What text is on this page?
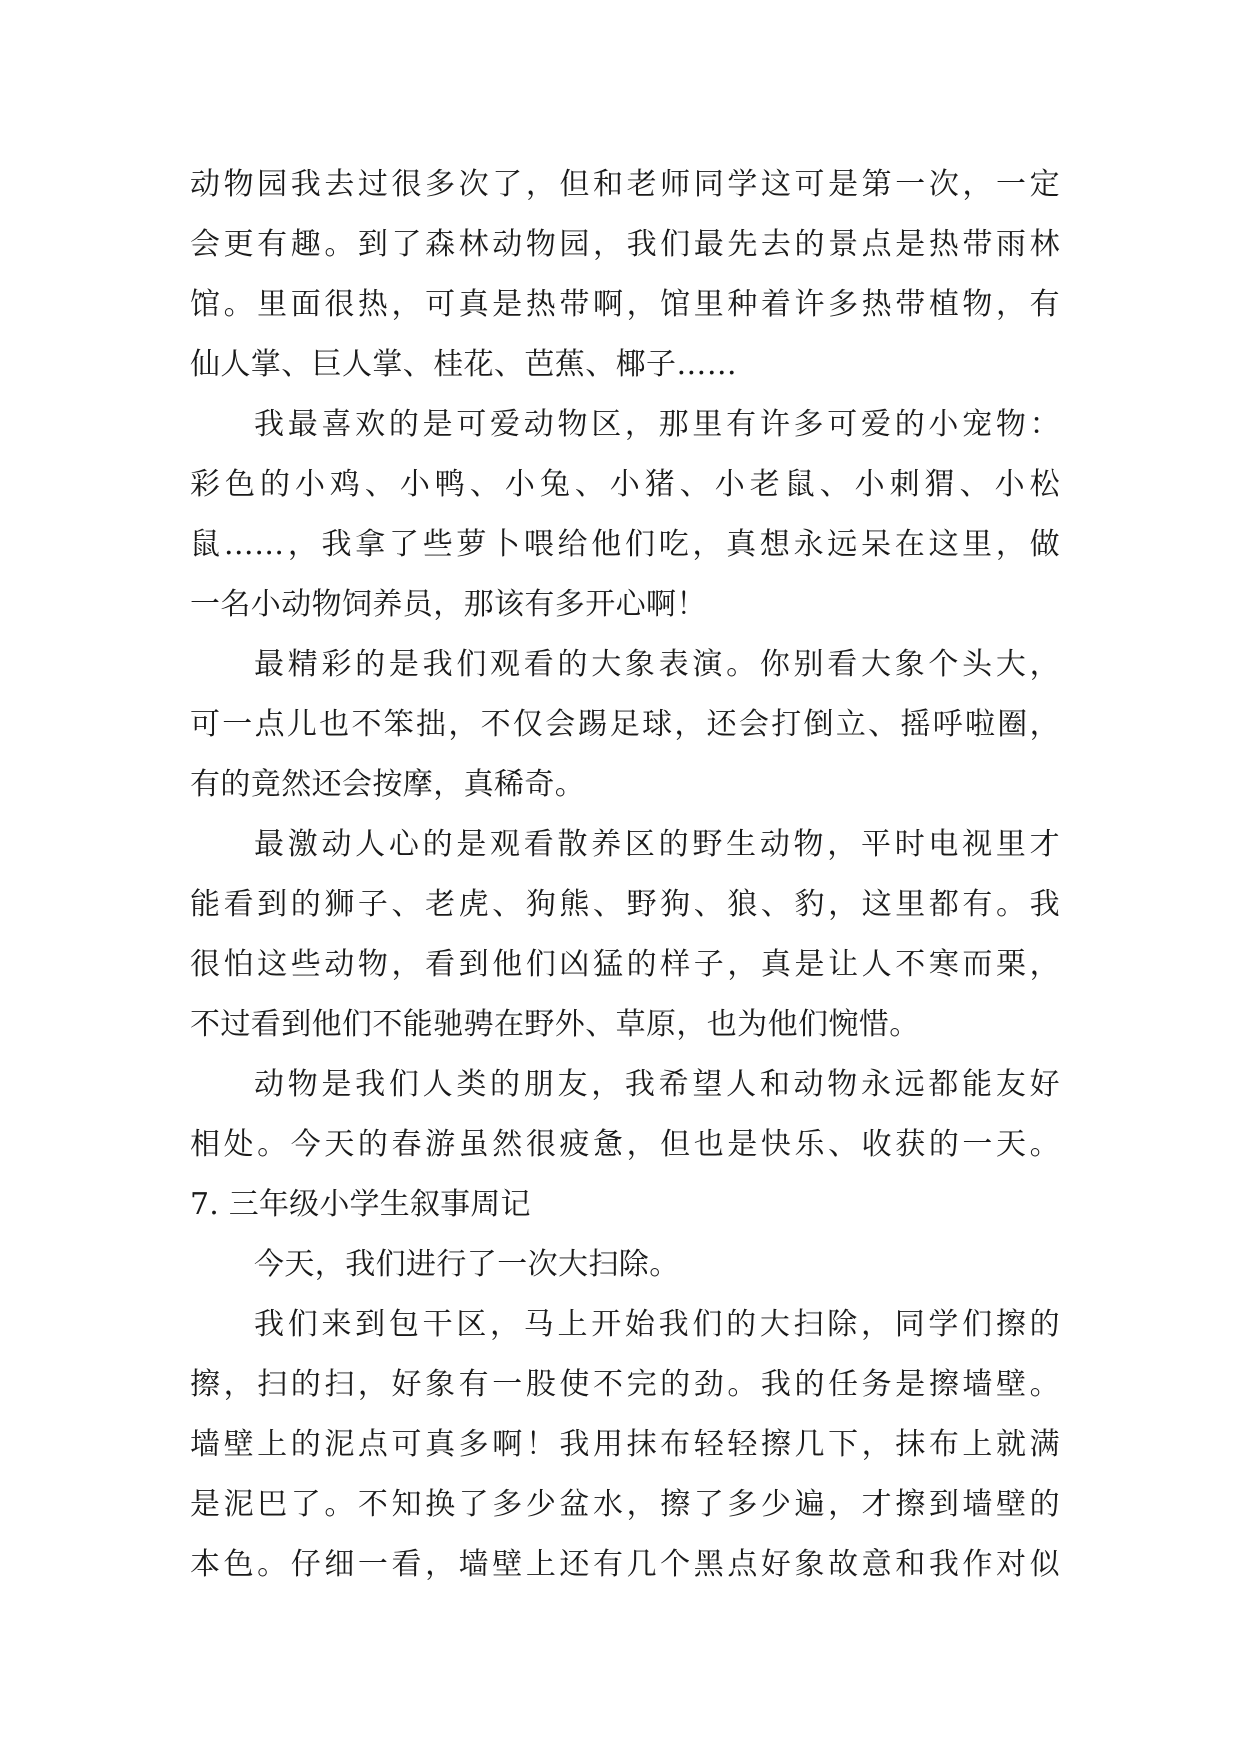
动物园我去过很多次了，但和老师同学这可是第一次，一定
会更有趣。到了森林动物园，我们最先去的景点是热带雨林
馆。里面很热，可真是热带啊，馆里种着许多热带植物，有
仙人掌、巨人掌、桂花、芭蕉、椰子……
我最喜欢的是可爱动物区，那里有许多可爱的小宠物：
彩色的小鸡、小鸭、小兔、小猪、小老鼠、小刺猬、小松
鼠……，我拿了些萝卜喂给他们吃，真想永远呆在这里，做
一名小动物饲养员，那该有多开心啊！
最精彩的是我们观看的大象表演。你别看大象个头大，
可一点儿也不笨拙，不仅会踢足球，还会打倒立、摇呼啦圈，
有的竟然还会按摩，真稀奇。
最激动人心的是观看散养区的野生动物，平时电视里才
能看到的狮子、老虎、狗熊、野狗、狼、豹，这里都有。我
很怕这些动物，看到他们凶猛的样子，真是让人不寒而栗，
不过看到他们不能驰骋在野外、草原，也为他们惋惜。
动物是我们人类的朋友，我希望人和动物永远都能友好
相处。今天的春游虽然很疲惫，但也是快乐、收获的一天。
7. 三年级小学生叙事周记
今天，我们进行了一次大扫除。
我们来到包干区，马上开始我们的大扫除，同学们擦的
擦，扫的扫，好象有一股使不完的劲。我的任务是擦墙壁。
墙壁上的泥点可真多啊！我用抹布轻轻擦几下，抹布上就满
是泥巴了。不知换了多少盆水，擦了多少遍，才擦到墙壁的
本色。仔细一看，墙壁上还有几个黑点好象故意和我作对似
